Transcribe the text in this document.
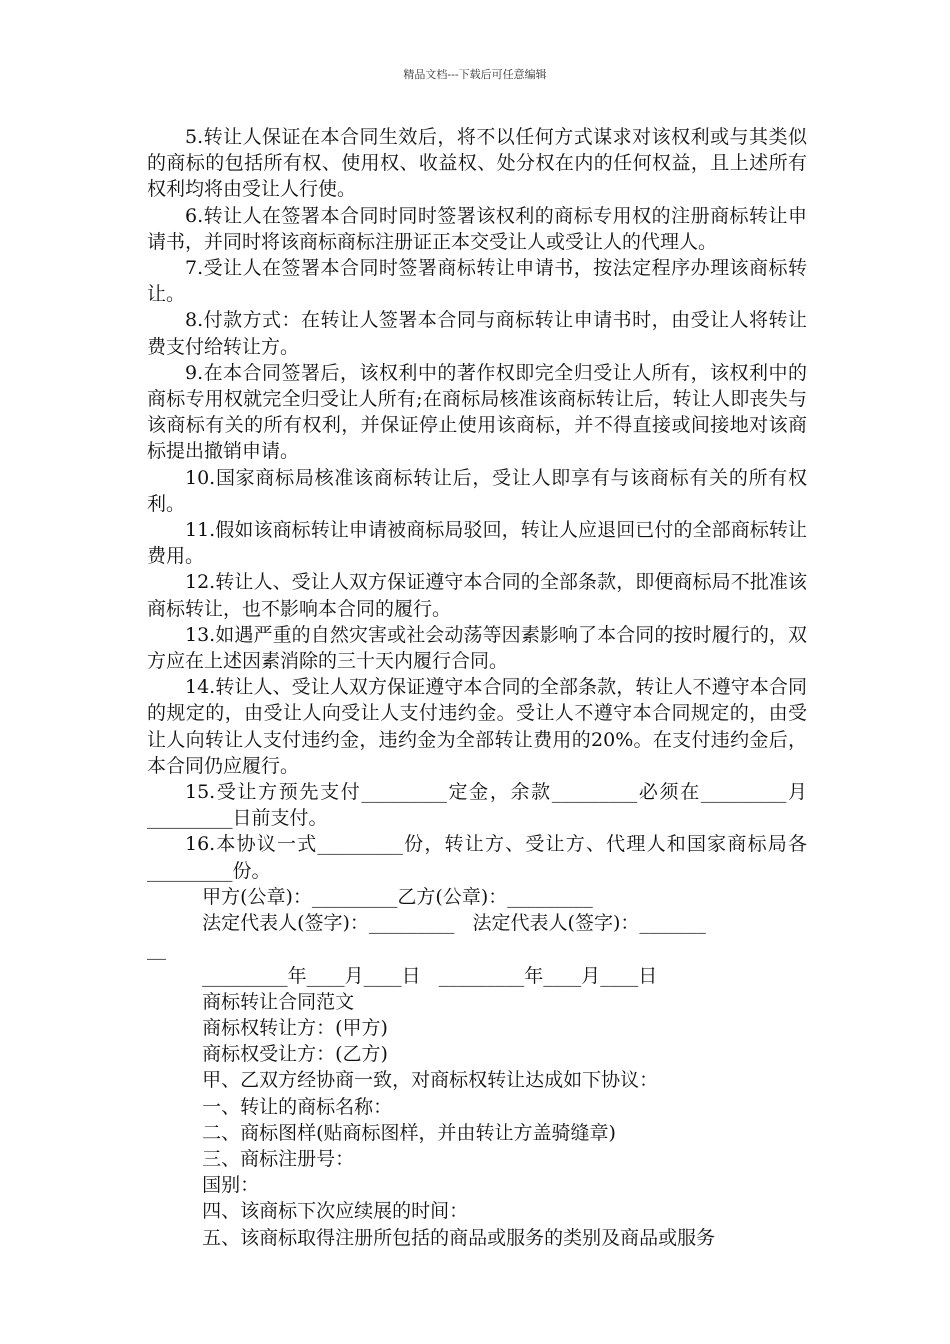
精品文档---下载后可任意编辑

5.转让人保证在本合同生效后，将不以任何方式谋求对该权利或与其类似的商标的包括所有权、使用权、收益权、处分权在内的任何权益，且上述所有权利均将由受让人行使。

6.转让人在签署本合同时同时签署该权利的商标专用权的注册商标转让申请书，并同时将该商标商标注册证正本交受让人或受让人的代理人。

7.受让人在签署本合同时签署商标转让申请书，按法定程序办理该商标转让。

8.付款方式：在转让人签署本合同与商标转让申请书时，由受让人将转让费支付给转让方。

9.在本合同签署后，该权利中的著作权即完全归受让人所有，该权利中的商标专用权就完全归受让人所有;在商标局核准该商标转让后，转让人即丧失与该商标有关的所有权利，并保证停止使用该商标，并不得直接或间接地对该商标提出撤销申请。

10.国家商标局核准该商标转让后，受让人即享有与该商标有关的所有权利。

11.假如该商标转让申请被商标局驳回，转让人应退回已付的全部商标转让费用。

12.转让人、受让人双方保证遵守本合同的全部条款，即便商标局不批准该商标转让，也不影响本合同的履行。

13.如遇严重的自然灾害或社会动荡等因素影响了本合同的按时履行的，双方应在上述因素消除的三十天内履行合同。

14.转让人、受让人双方保证遵守本合同的全部条款，转让人不遵守本合同的规定的，由受让人向受让人支付违约金。受让人不遵守本合同规定的，由受让人向转让人支付违约金，违约金为全部转让费用的20%。在支付违约金后，本合同仍应履行。

15.受让方预先支付_________定金，余款_________必须在_________月_________日前支付。

16.本协议一式_________份，转让方、受让方、代理人和国家商标局各_________份。

甲方(公章)：_________乙方(公章)：_________

法定代表人(签字)：_________   法定代表人(签字)：_______

__

_________年____月____日   _________年____月____日

商标转让合同范文

商标权转让方：(甲方)

商标权受让方：(乙方)

甲、乙双方经协商一致，对商标权转让达成如下协议：

一、转让的商标名称：

二、商标图样(贴商标图样，并由转让方盖骑缝章)

三、商标注册号：

国别：

四、该商标下次应续展的时间：

五、该商标取得注册所包括的商品或服务的类别及商品或服务
